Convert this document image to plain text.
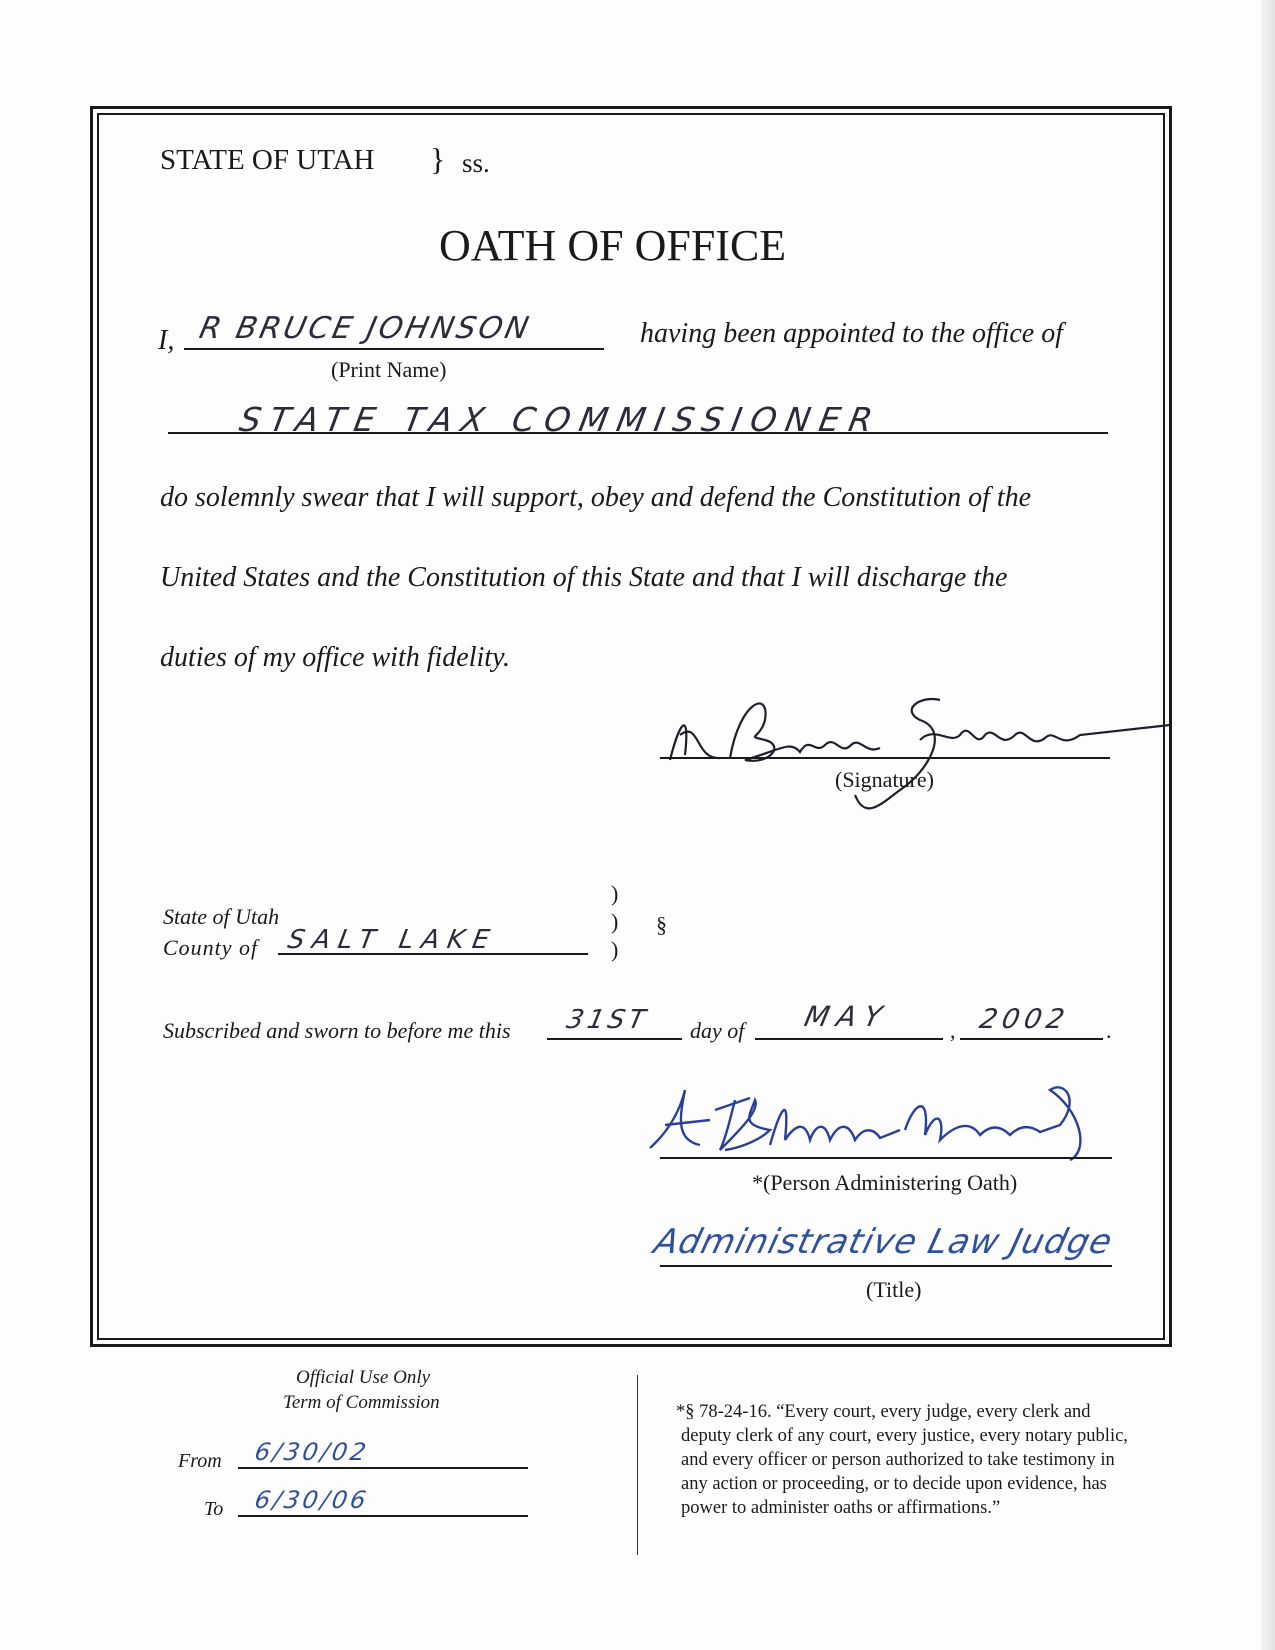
STATE OF UTAH } ss.
OATH OF OFFICE
I, R BRUCE JOHNSON	having been appointed to the office of
(Print Name)
STATE TAX COMMISSIONER
do solemnly swear that I will support, obey and defend the Constitution of the
United States and the Constitution of this State and that I will discharge the
duties of my office with fidelity.
(Signature)
State of Utah
County of SALT LAKE
)
)
)
§
Subscribed and sworn to before me this 31ST day of MAY	, 2002 .
*(Person Administering Oath)
Administrative Law Judge
(Title)
Official Use Only
Term of Commission
From 6/30/02
To 6/30/06
*§ 78-24-16. “Every court, every judge, every clerk and
deputy clerk of any court, every justice, every notary public,
and every officer or person authorized to take testimony in
any action or proceeding, or to decide upon evidence, has
power to administer oaths or affirmations.”
